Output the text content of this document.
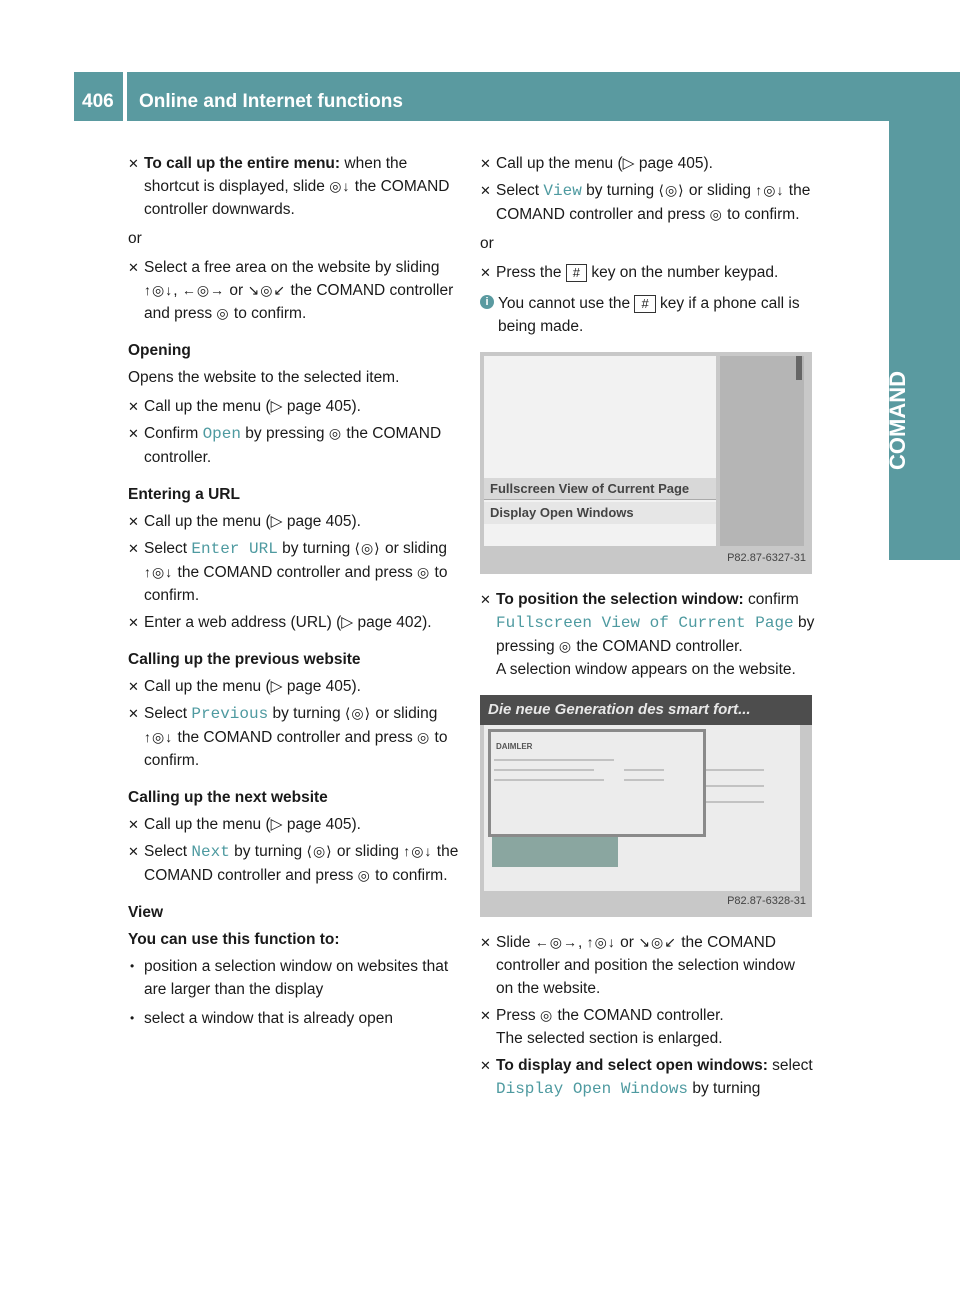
406 Online and Internet functions
COMAND
✕ To call up the entire menu: when the shortcut is displayed, slide ◎↓ the COMAND controller downwards.
or
✕ Select a free area on the website by sliding ↑◎↓, ←◎→ or ↘◎↙ the COMAND controller and press ◎ to confirm.
Opening
Opens the website to the selected item.
✕ Call up the menu (▷ page 405).
✕ Confirm Open by pressing ◎ the COMAND controller.
Entering a URL
✕ Call up the menu (▷ page 405).
✕ Select Enter URL by turning ⟨◎⟩ or sliding ↑◎↓ the COMAND controller and press ◎ to confirm.
✕ Enter a web address (URL) (▷ page 402).
Calling up the previous website
✕ Call up the menu (▷ page 405).
✕ Select Previous by turning ⟨◎⟩ or sliding ↑◎↓ the COMAND controller and press ◎ to confirm.
Calling up the next website
✕ Call up the menu (▷ page 405).
✕ Select Next by turning ⟨◎⟩ or sliding ↑◎↓ the COMAND controller and press ◎ to confirm.
View
You can use this function to:
• position a selection window on websites that are larger than the display
• select a window that is already open
✕ Call up the menu (▷ page 405).
✕ Select View by turning ⟨◎⟩ or sliding ↑◎↓ the COMAND controller and press ◎ to confirm.
or
✕ Press the # key on the number keypad.
i You cannot use the # key if a phone call is being made.
Fullscreen View of Current Page
Display Open Windows
P82.87-6327-31
✕ To position the selection window: confirm Fullscreen View of Current Page by pressing ◎ the COMAND controller.
A selection window appears on the website.
Die neue Generation des smart fort...
DAIMLER
P82.87-6328-31
✕ Slide ←◎→, ↑◎↓ or ↘◎↙ the COMAND controller and position the selection window on the website.
✕ Press ◎ the COMAND controller.
The selected section is enlarged.
✕ To display and select open windows: select Display Open Windows by turning
